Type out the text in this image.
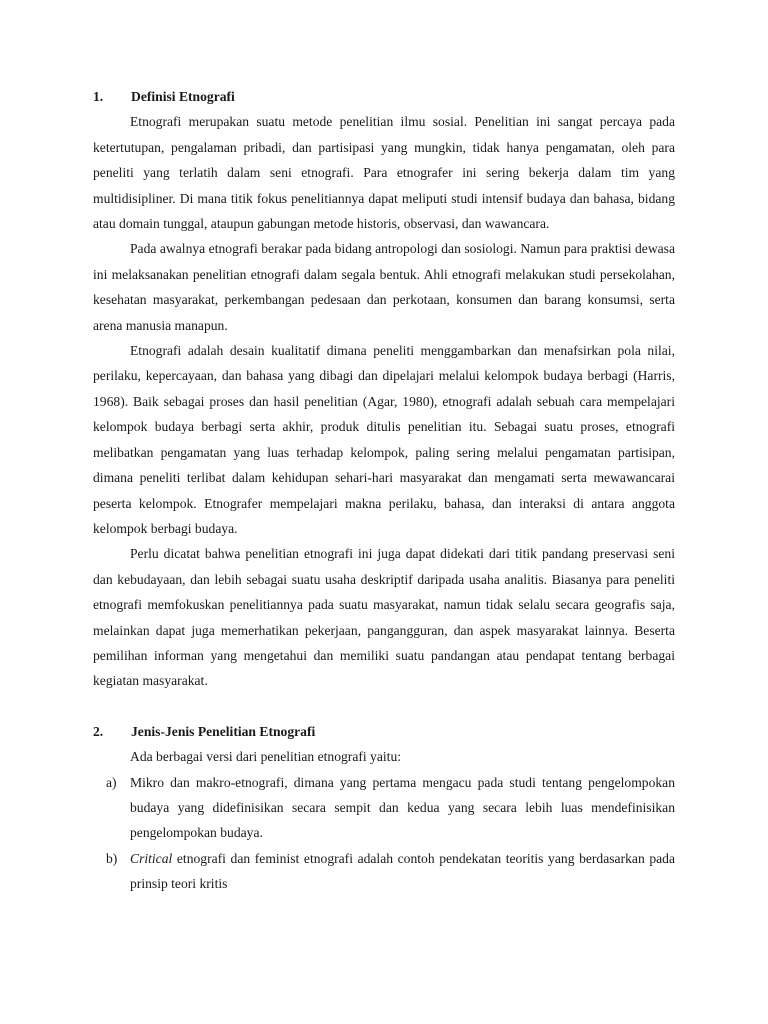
1.	Definisi Etnografi

Etnografi merupakan suatu metode penelitian ilmu sosial. Penelitian ini sangat percaya pada ketertutupan, pengalaman pribadi, dan partisipasi yang mungkin, tidak hanya pengamatan, oleh para peneliti yang terlatih dalam seni etnografi. Para etnografer ini sering bekerja dalam tim yang multidisipliner. Di mana titik fokus penelitiannya dapat meliputi studi intensif budaya dan bahasa, bidang atau domain tunggal, ataupun gabungan metode historis, observasi, dan wawancara.

Pada awalnya etnografi berakar pada bidang antropologi dan sosiologi. Namun para praktisi dewasa ini melaksanakan penelitian etnografi dalam segala bentuk. Ahli etnografi melakukan studi persekolahan, kesehatan masyarakat, perkembangan pedesaan dan perkotaan, konsumen dan barang konsumsi, serta arena manusia manapun.

Etnografi adalah desain kualitatif dimana peneliti menggambarkan dan menafsirkan pola nilai, perilaku, kepercayaan, dan bahasa yang dibagi dan dipelajari melalui kelompok budaya berbagi (Harris, 1968). Baik sebagai proses dan hasil penelitian (Agar, 1980), etnografi adalah sebuah cara mempelajari kelompok budaya berbagi serta akhir, produk ditulis penelitian itu. Sebagai suatu proses, etnografi melibatkan pengamatan yang luas terhadap kelompok, paling sering melalui pengamatan partisipan, dimana peneliti terlibat dalam kehidupan sehari-hari masyarakat dan mengamati serta mewawancarai peserta kelompok. Etnografer mempelajari makna perilaku, bahasa, dan interaksi di antara anggota kelompok berbagi budaya.

Perlu dicatat bahwa penelitian etnografi ini juga dapat didekati dari titik pandang preservasi seni dan kebudayaan, dan lebih sebagai suatu usaha deskriptif daripada usaha analitis. Biasanya para peneliti etnografi memfokuskan penelitiannya pada suatu masyarakat, namun tidak selalu secara geografis saja, melainkan dapat juga memerhatikan pekerjaan, pangangguran, dan aspek masyarakat lainnya. Beserta pemilihan informan yang mengetahui dan memiliki suatu pandangan atau pendapat tentang berbagai kegiatan masyarakat.

2.	Jenis-Jenis Penelitian Etnografi

Ada berbagai versi dari penelitian etnografi yaitu:

a) Mikro dan makro-etnografi, dimana yang pertama mengacu pada studi tentang pengelompokan budaya yang didefinisikan secara sempit dan kedua yang secara lebih luas mendefinisikan pengelompokan budaya.
b) Critical etnografi dan feminist etnografi adalah contoh pendekatan teoritis yang berdasarkan pada prinsip teori kritis
